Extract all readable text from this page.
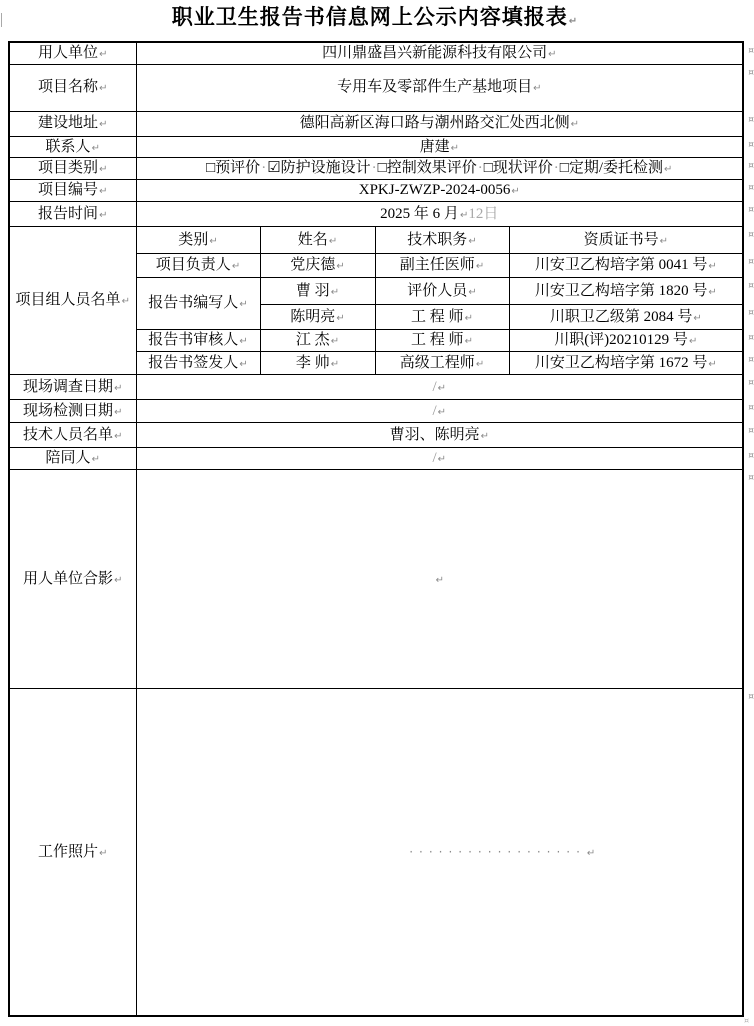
职业卫生报告书信息网上公示内容填报表↵
用人单位↵	四川鼎盛昌兴新能源科技有限公司↵ ¤			

项目名称↵	专用车及零部件生产基地项目↵
¤			

建设地址↵	德阳高新区海口路与潮州路交汇处西北侧↵ ¤			

联系人↵	唐建↵ ¤			

项目类别↵	□预评价·☑防护设施设计·□控制效果评价·□现状评价·□定期/委托检测↵ ¤			

项目编号↵	XPKJ-ZWZP-2024-0056↵ ¤			

报告时间↵	2025 年 6 月↵12日 ¤			

项目组人员名单↵	类别↵	姓名↵	技术职务↵	资质证书号↵
¤

	项目负责人↵	党庆德↵	副主任医师↵	川安卫乙构培字第 0041 号↵ ¤

	报告书编写人↵	曹 羽↵	评价人员↵	川安卫乙构培字第 1820 号↵
¤

		陈明亮↵	工 程 师↵	川职卫乙级第 2084 号↵ ¤

	报告书审核人↵	江 杰↵	工 程 师↵	川职(评)20210129 号↵ ¤

	报告书签发人↵	李 帅↵	高级工程师↵	川安卫乙构培字第 1672 号↵ ¤

现场调查日期↵	/↵ ¤			

现场检测日期↵	/↵ ¤			

技术人员名单↵	曹羽、陈明亮↵ ¤			

陪同人↵	/↵ ¤			

用人单位合影↵	↵
¤			

工作照片↵	··················↵
¤			
¤
